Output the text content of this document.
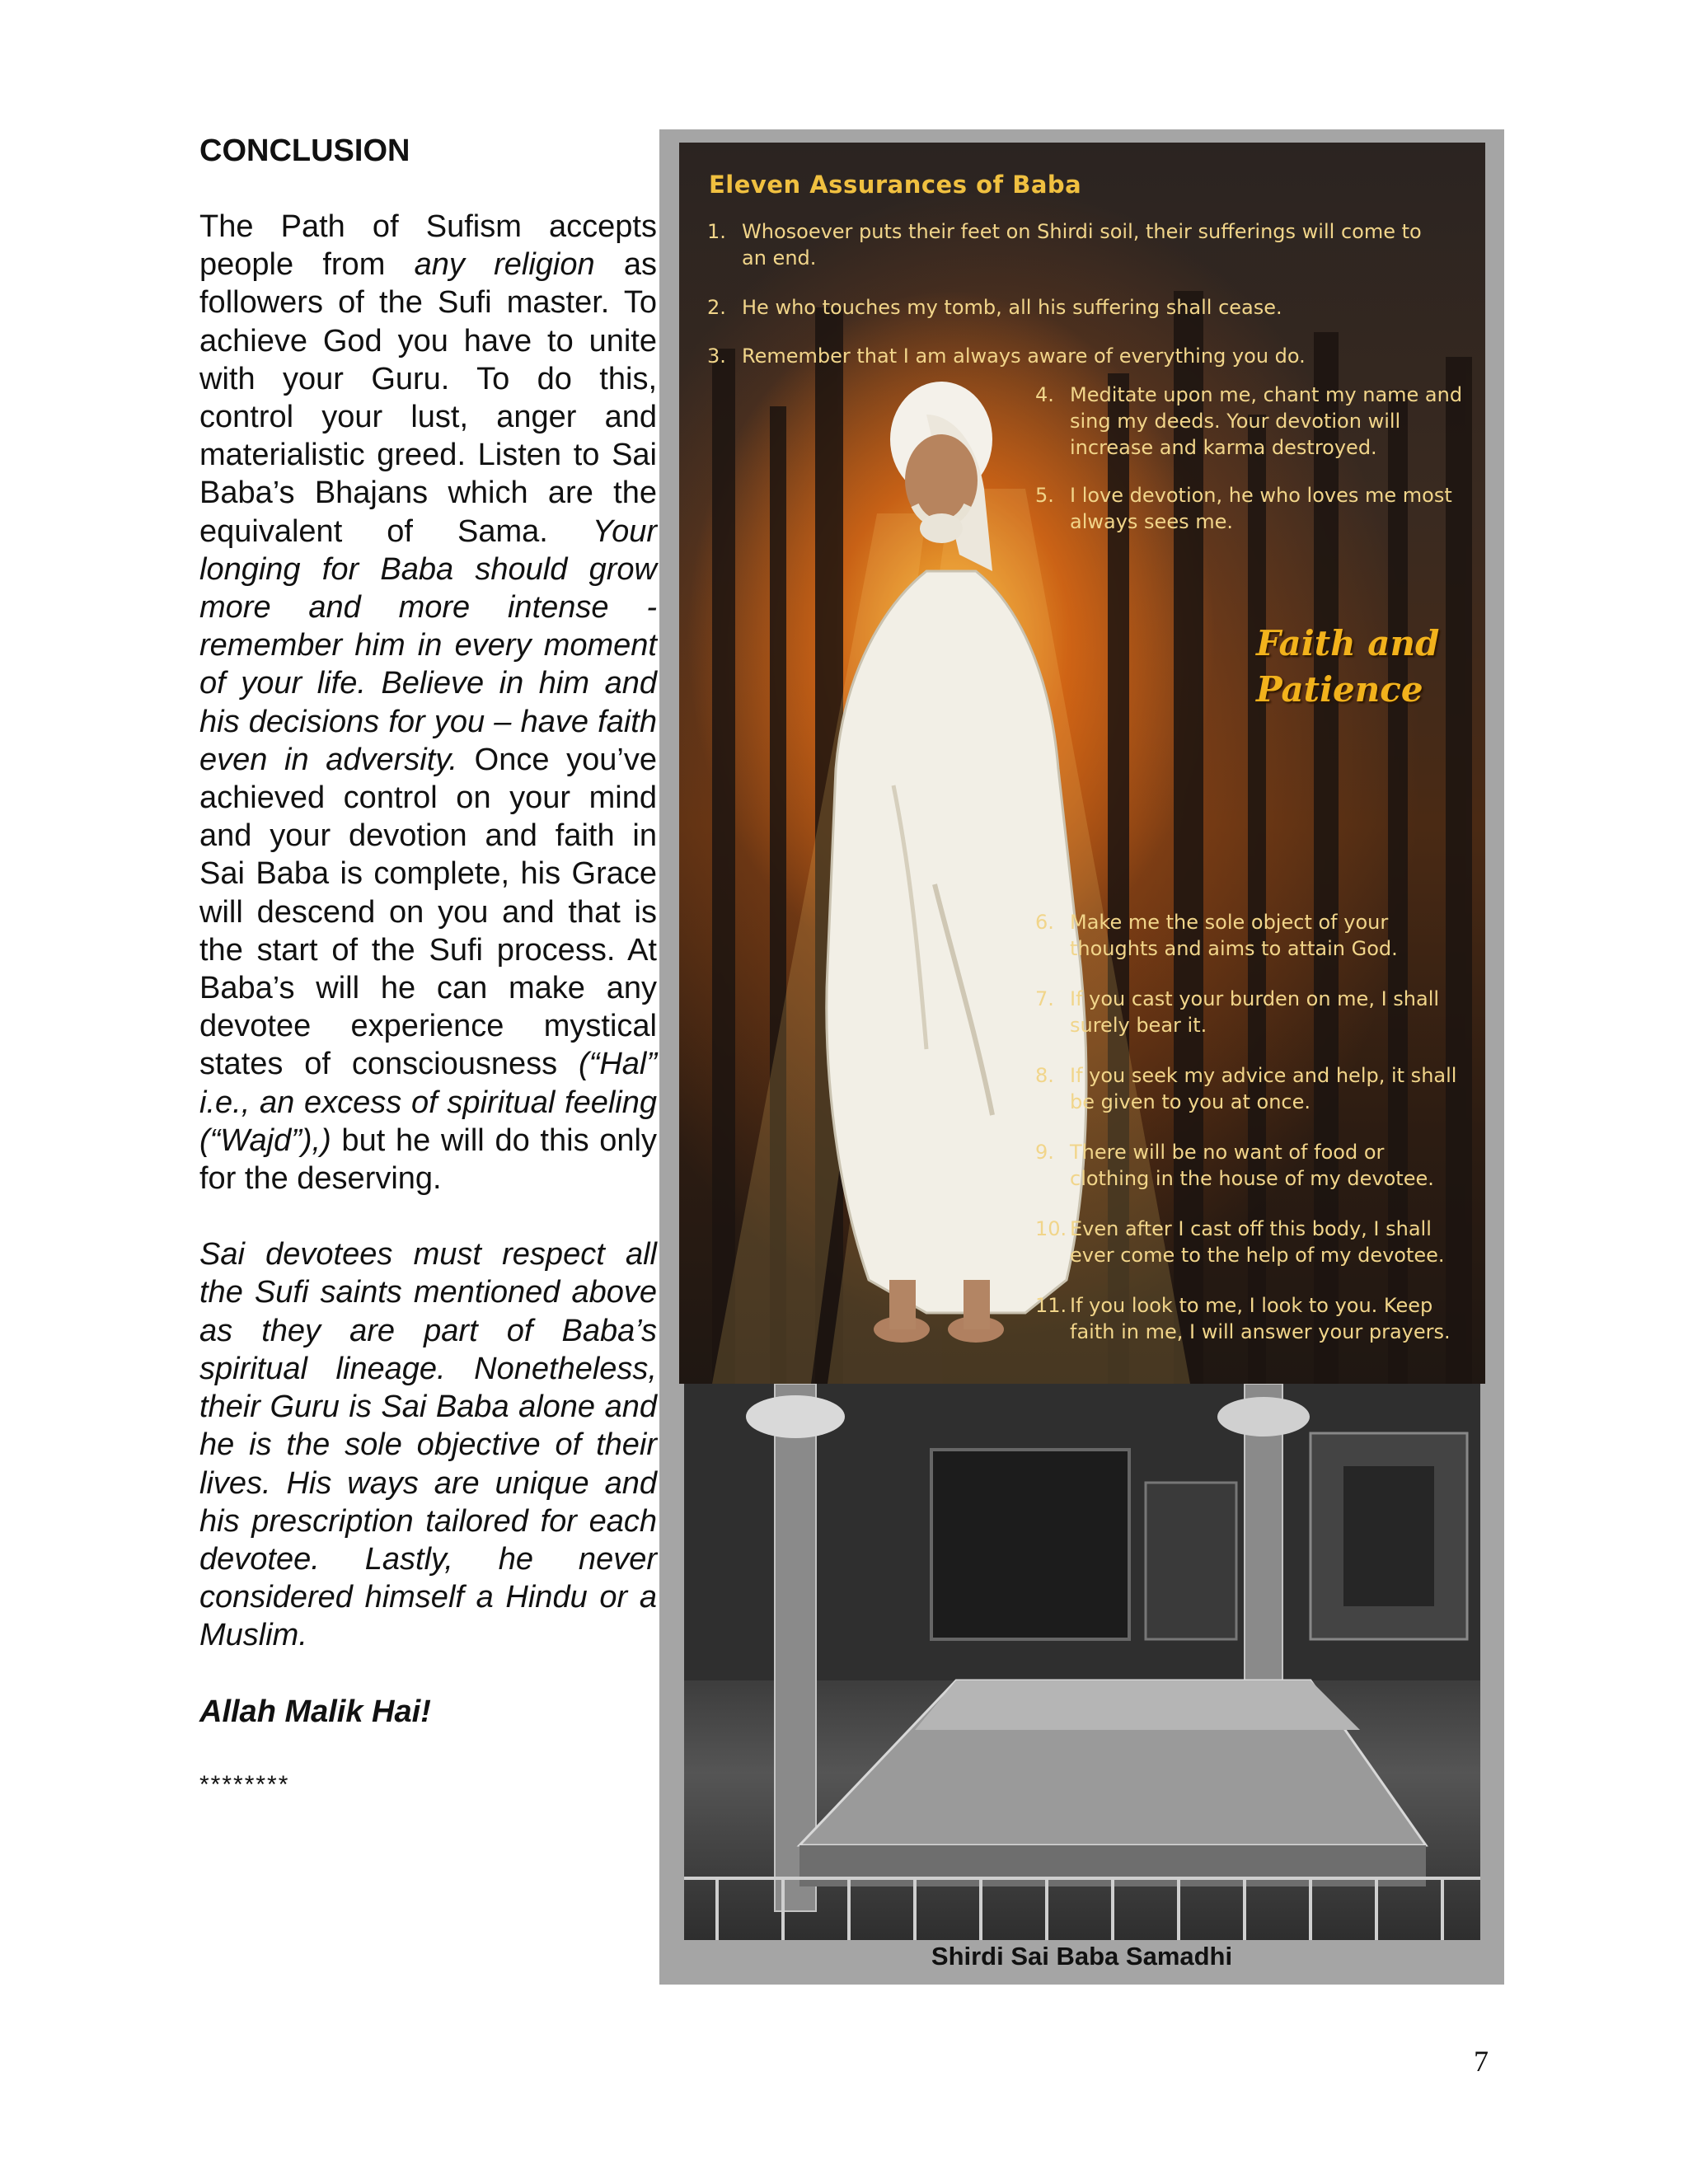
CONCLUSION

The Path of Sufism accepts people from any religion as followers of the Sufi master. To achieve God you have to unite with your Guru. To do this, control your lust, anger and materialistic greed. Listen to Sai Baba’s Bhajans which are the equivalent of Sama. Your longing for Baba should grow more and more intense - remember him in every moment of your life. Believe in him and his decisions for you – have faith even in adversity. Once you’ve achieved control on your mind and your devotion and faith in Sai Baba is complete, his Grace will descend on you and that is the start of the Sufi process. At Baba’s will he can make any devotee experience mystical states of consciousness (“Hal” i.e., an excess of spiritual feeling (“Wajd”),) but he will do this only for the deserving.

Sai devotees must respect all the Sufi saints mentioned above as they are part of Baba’s spiritual lineage. Nonetheless, their Guru is Sai Baba alone and he is the sole objective of their lives. His ways are unique and his prescription tailored for each devotee. Lastly, he never considered himself a Hindu or a Muslim.

Allah Malik Hai!
********
Eleven Assurances of Baba
1. Whosoever puts their feet on Shirdi soil, their sufferings will come to an end.
2. He who touches my tomb, all his suffering shall cease.
3. Remember that I am always aware of everything you do.
4. Meditate upon me, chant my name and sing my deeds. Your devotion will increase and karma destroyed.
5. I love devotion, he who loves me most always sees me.
Faith and
Patience
6. Make me the sole object of your thoughts and aims to attain God.
7. If you cast your burden on me, I shall surely bear it.
8. If you seek my advice and help, it shall be given to you at once.
9. There will be no want of food or clothing in the house of my devotee.
10. Even after I cast off this body, I shall ever come to the help of my devotee.
11. If you look to me, I look to you. Keep faith in me, I will answer your prayers.
Shirdi Sai Baba Samadhi
7
